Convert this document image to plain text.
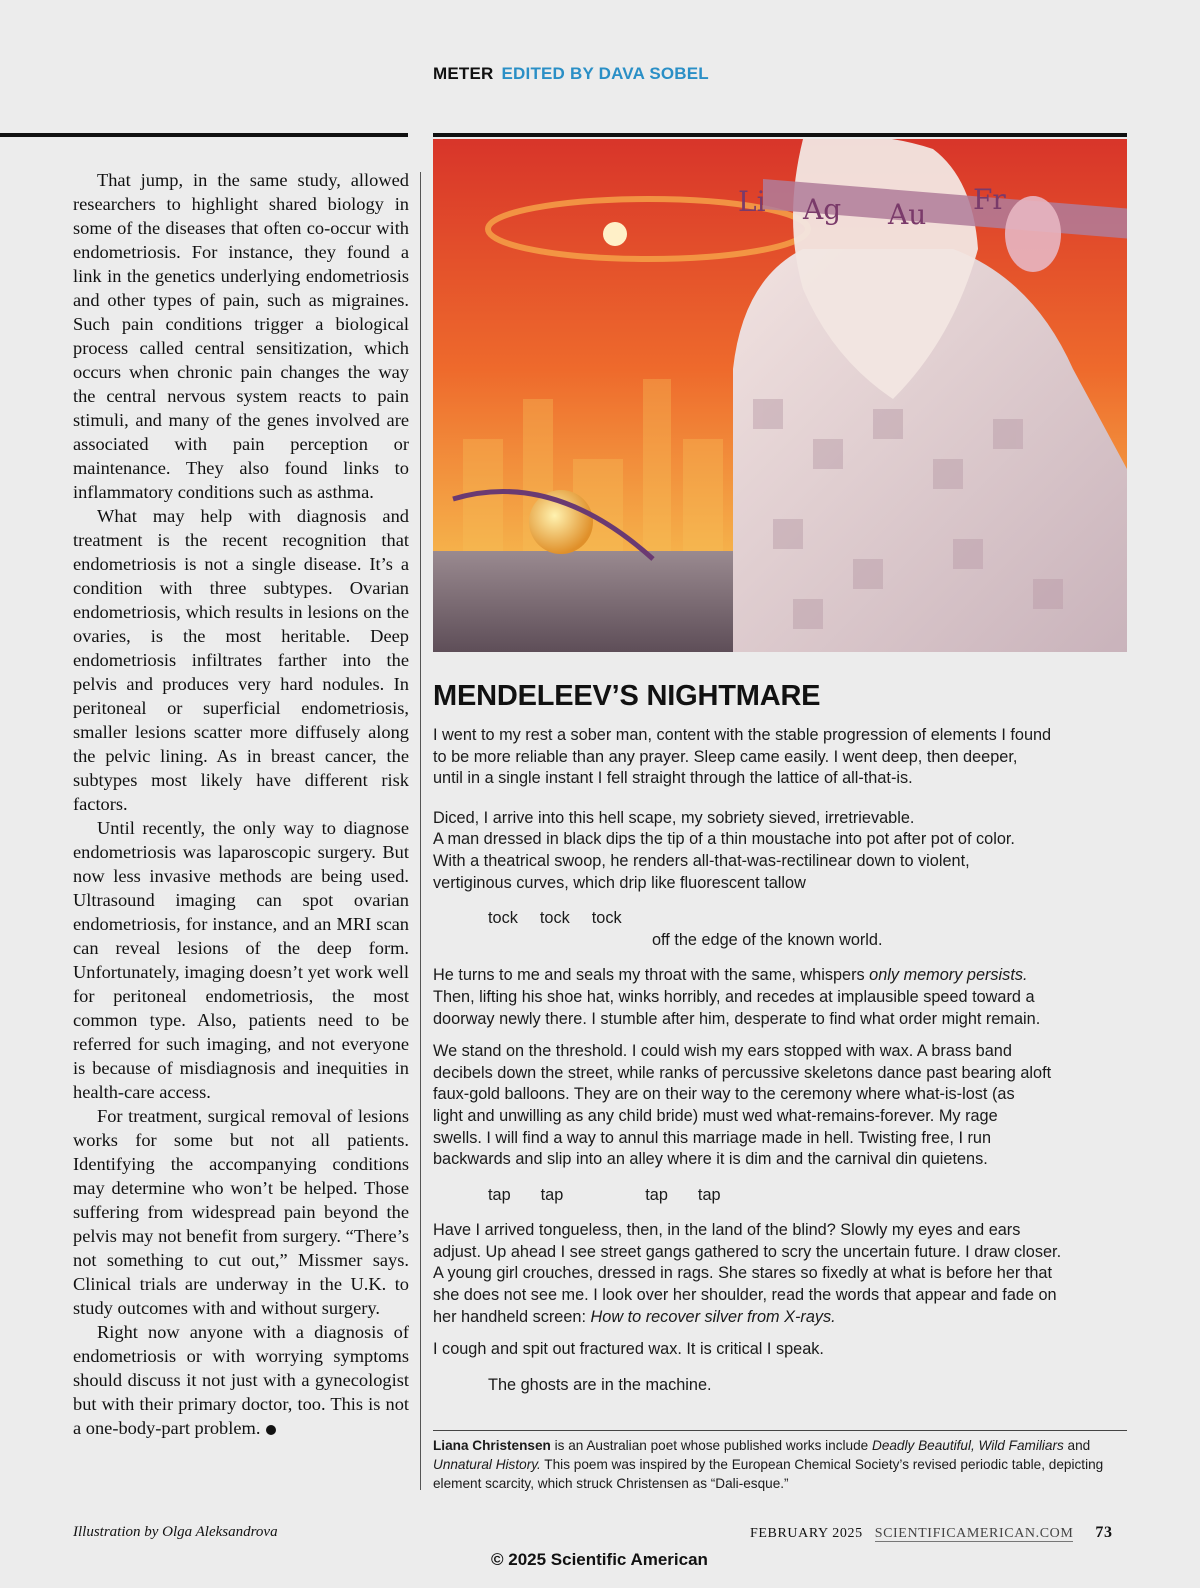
METER EDITED BY DAVA SOBEL

That jump, in the same study, allowed researchers to highlight shared biology in some of the diseases that often co-occur with endometriosis. For instance, they found a link in the genetics underlying endometriosis and other types of pain, such as migraines. Such pain conditions trigger a biological process called central sensitization, which occurs when chronic pain changes the way the central nervous system reacts to pain stimuli, and many of the genes involved are associated with pain perception or maintenance. They also found links to inflammatory conditions such as asthma.

What may help with diagnosis and treatment is the recent recognition that endometriosis is not a single disease. It’s a condition with three subtypes. Ovarian endometriosis, which results in lesions on the ovaries, is the most heritable. Deep endometriosis infiltrates farther into the pelvis and produces very hard nodules. In peritoneal or superficial endometriosis, smaller lesions scatter more diffusely along the pelvic lining. As in breast cancer, the subtypes most likely have different risk factors.

Until recently, the only way to diagnose endometriosis was laparoscopic surgery. But now less invasive methods are being used. Ultrasound imaging can spot ovarian endometriosis, for instance, and an MRI scan can reveal lesions of the deep form. Unfortunately, imaging doesn’t yet work well for peritoneal endometriosis, the most common type. Also, patients need to be referred for such imaging, and not everyone is because of misdiagnosis and inequities in health-care access.

For treatment, surgical removal of lesions works for some but not all patients. Identifying the accompanying conditions may determine who won’t be helped. Those suffering from widespread pain beyond the pelvis may not benefit from surgery. “There’s not something to cut out,” Missmer says. Clinical trials are underway in the U.K. to study outcomes with and without surgery.

Right now anyone with a diagnosis of endometriosis or with worrying symptoms should discuss it not just with a gynecologist but with their primary doctor, too. This is not a one-body-part problem.

Li Ag Au Fr
MENDELEEV’S NIGHTMARE

I went to my rest a sober man, content with the stable progression of elements I found
to be more reliable than any prayer. Sleep came easily. I went deep, then deeper,
until in a single instant I fell straight through the lattice of all-that-is.

Diced, I arrive into this hell scape, my sobriety sieved, irretrievable.
A man dressed in black dips the tip of a thin moustache into pot after pot of color.
With a theatrical swoop, he renders all-that-was-rectilinear down to violent,
vertiginous curves, which drip like fluorescent tallow

tock tock tock
off the edge of the known world.

He turns to me and seals my throat with the same, whispers only memory persists.
Then, lifting his shoe hat, winks horribly, and recedes at implausible speed toward a
doorway newly there. I stumble after him, desperate to find what order might remain.

We stand on the threshold. I could wish my ears stopped with wax. A brass band
decibels down the street, while ranks of percussive skeletons dance past bearing aloft
faux-gold balloons. They are on their way to the ceremony where what-is-lost (as
light and unwilling as any child bride) must wed what-remains-forever. My rage
swells. I will find a way to annul this marriage made in hell. Twisting free, I run
backwards and slip into an alley where it is dim and the carnival din quietens.

tap tap	tap tap

Have I arrived tongueless, then, in the land of the blind? Slowly my eyes and ears
adjust. Up ahead I see street gangs gathered to scry the uncertain future. I draw closer.
A young girl crouches, dressed in rags. She stares so fixedly at what is before her that
she does not see me. I look over her shoulder, read the words that appear and fade on
her handheld screen: How to recover silver from X-rays.

I cough and spit out fractured wax. It is critical I speak.

The ghosts are in the machine.

Liana Christensen is an Australian poet whose published works include Deadly Beautiful, Wild Familiars and Unnatural History. This poem was inspired by the European Chemical Society’s revised periodic table, depicting element scarcity, which struck Christensen as “Dali-esque.”
Illustration by Olga Aleksandrova	FEBRUARY 2025 SCIENTIFICAMERICAN.COM 73
© 2025 Scientific American
